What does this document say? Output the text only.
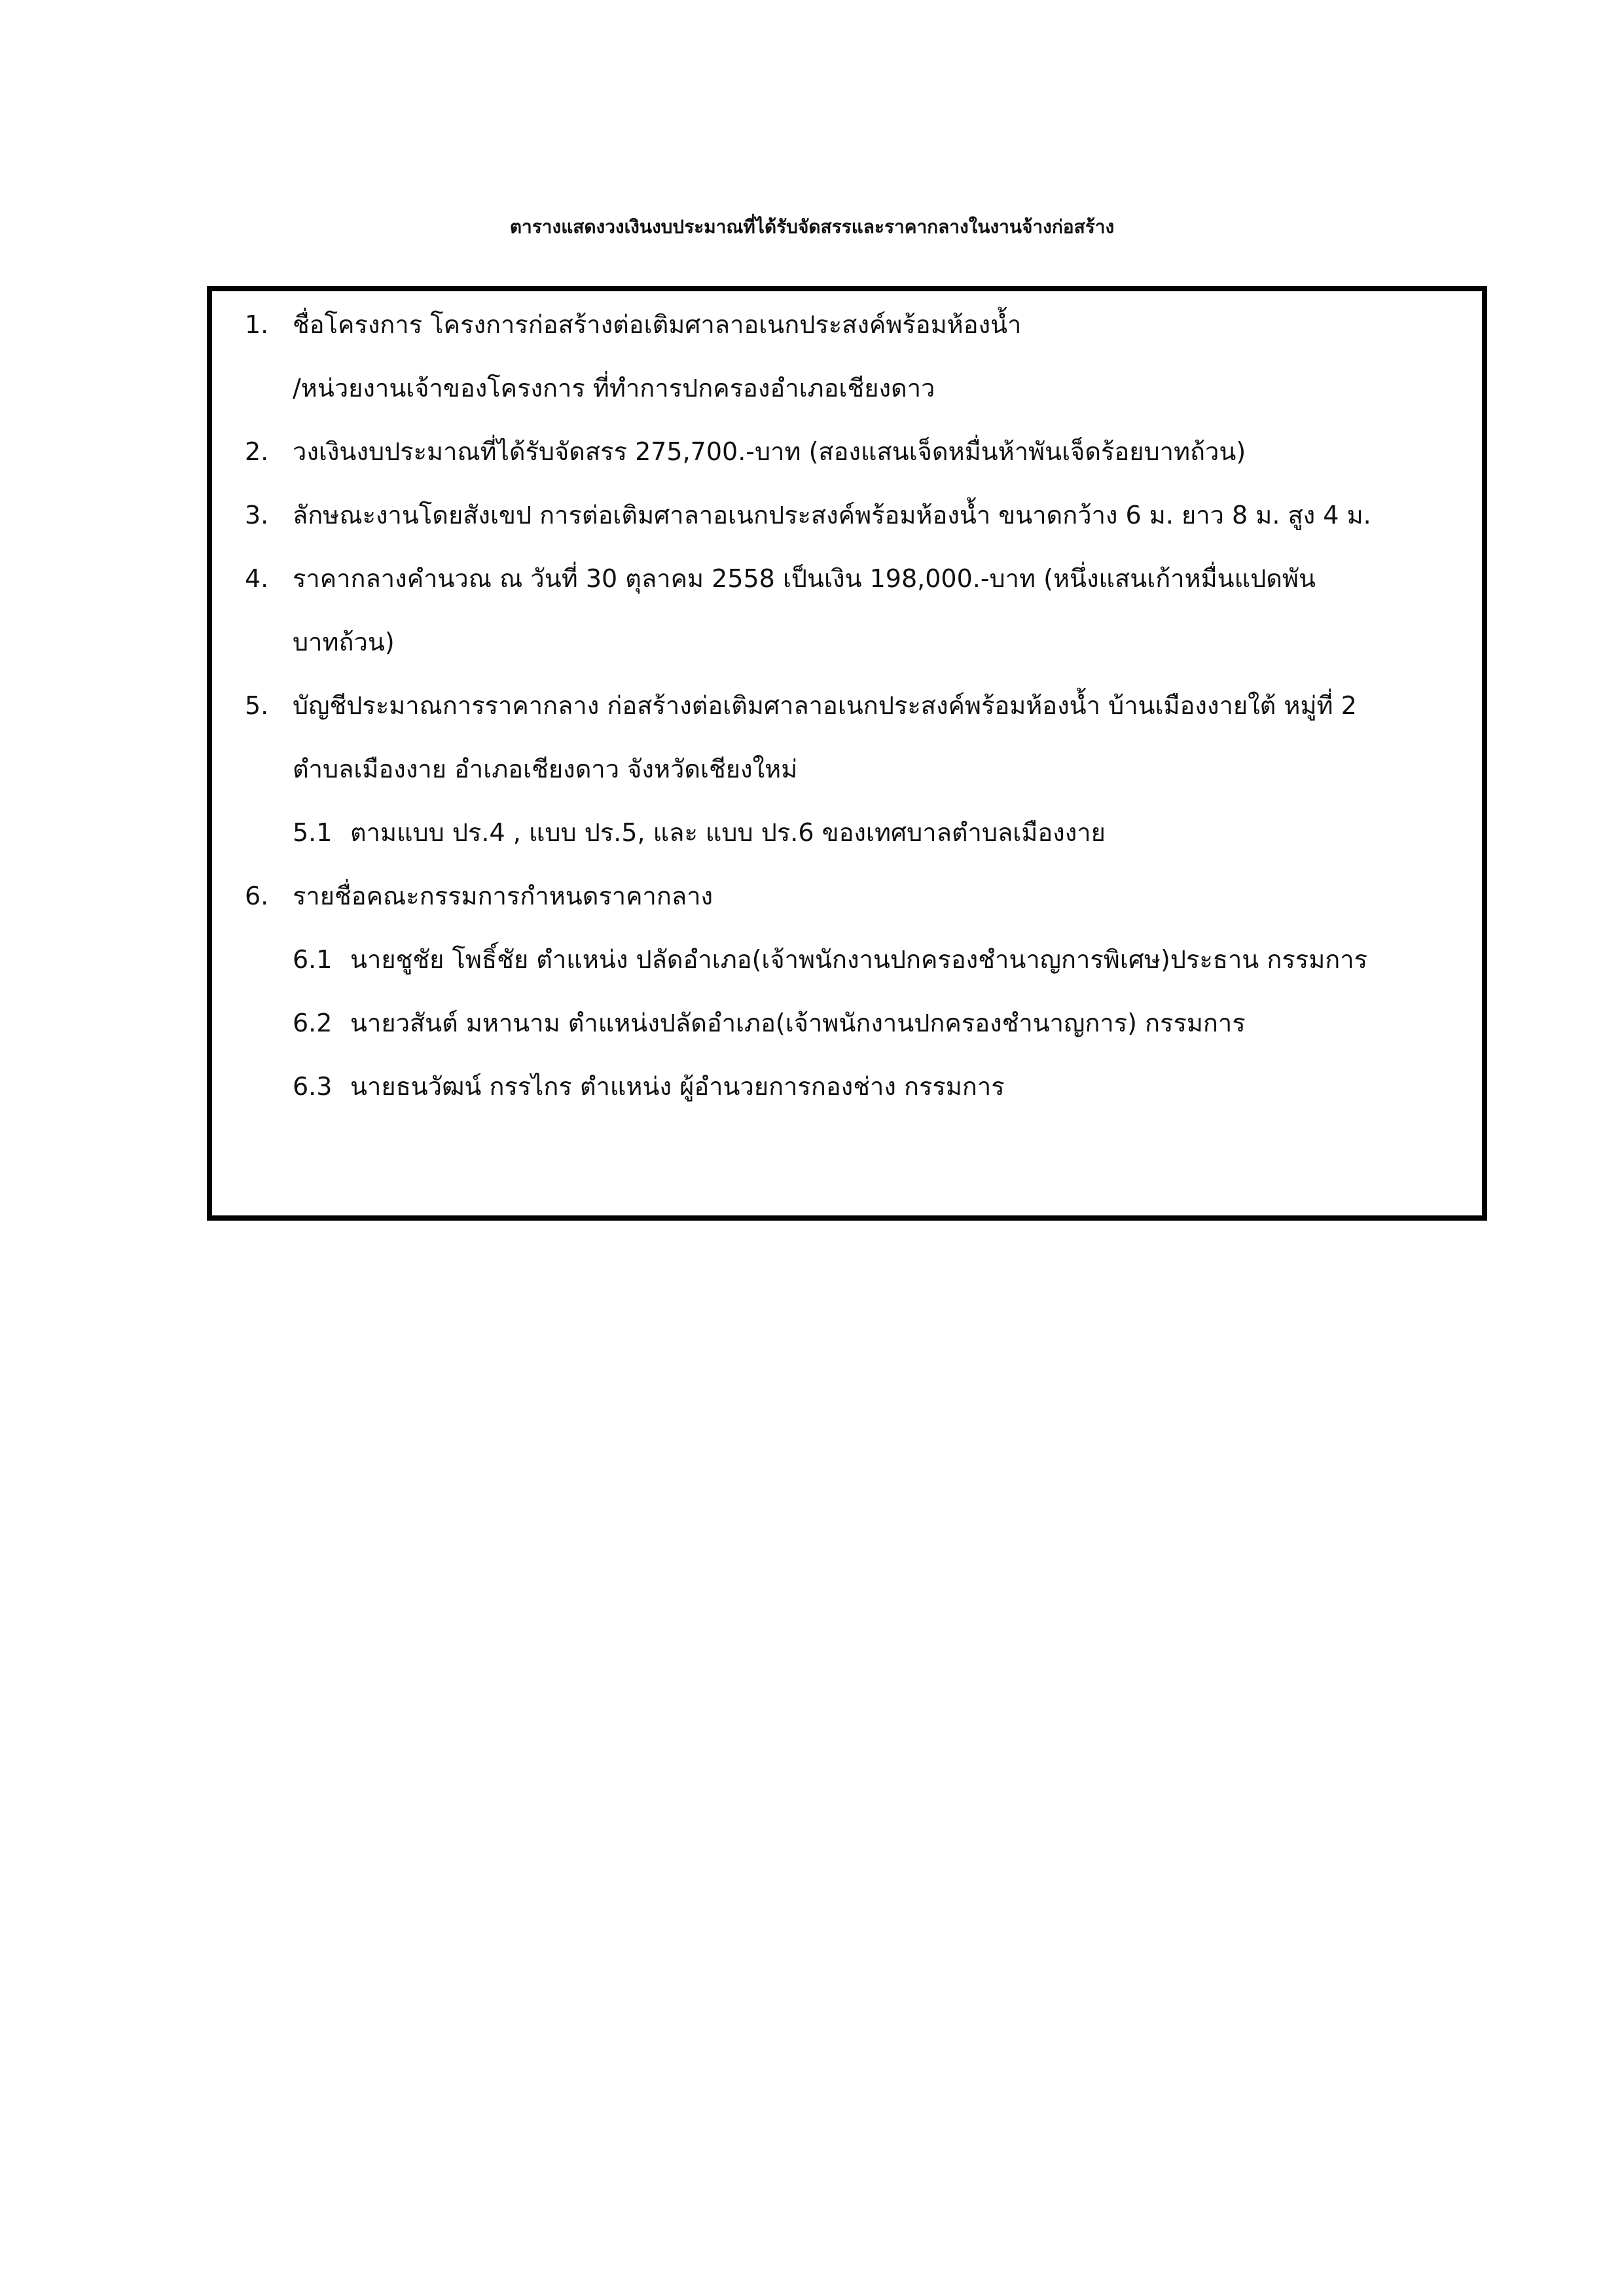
ตารางแสดงวงเงินงบประมาณที่ได้รับจัดสรรและราคากลางในงานจ้างก่อสร้าง
1. ชื่อโครงการ โครงการก่อสร้างต่อเติมศาลาอเนกประสงค์พร้อมห้องน้ำ
/หน่วยงานเจ้าของโครงการ ที่ทำการปกครองอำเภอเชียงดาว
2. วงเงินงบประมาณที่ได้รับจัดสรร 275,700.-บาท (สองแสนเจ็ดหมื่นห้าพันเจ็ดร้อยบาทถ้วน)
3. ลักษณะงานโดยสังเขป การต่อเติมศาลาอเนกประสงค์พร้อมห้องน้ำ ขนาดกว้าง 6 ม. ยาว 8 ม. สูง 4 ม.
4. ราคากลางคำนวณ ณ วันที่ 30 ตุลาคม 2558 เป็นเงิน 198,000.-บาท (หนึ่งแสนเก้าหมื่นแปดพัน
บาทถ้วน)
5. บัญชีประมาณการราคากลาง ก่อสร้างต่อเติมศาลาอเนกประสงค์พร้อมห้องน้ำ บ้านเมืองงายใต้ หมู่ที่ 2
ตำบลเมืองงาย อำเภอเชียงดาว จังหวัดเชียงใหม่
5.1 ตามแบบ ปร.4 , แบบ ปร.5, และ แบบ ปร.6 ของเทศบาลตำบลเมืองงาย
6. รายชื่อคณะกรรมการกำหนดราคากลาง
6.1 นายชูชัย โพธิ์ชัย ตำแหน่ง ปลัดอำเภอ(เจ้าพนักงานปกครองชำนาญการพิเศษ)ประธาน กรรมการ
6.2 นายวสันต์ มหานาม ตำแหน่งปลัดอำเภอ(เจ้าพนักงานปกครองชำนาญการ) กรรมการ
6.3 นายธนวัฒน์ กรรไกร ตำแหน่ง ผู้อำนวยการกองช่าง กรรมการ
